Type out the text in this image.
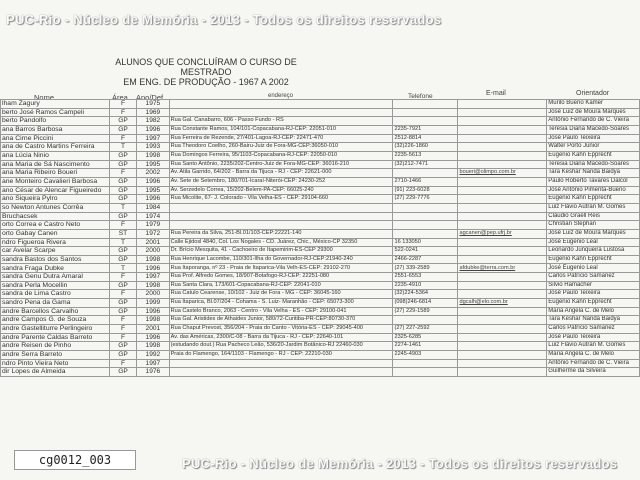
PUC-Rio - Núcleo de Memória - 2013 - Todos os direitos reservados
ALUNOS QUE CONCLUÍRAM O CURSO DE MESTRADO
EM ENG. DE PRODUÇÃO - 1967 A 2002
Nome	Área Ano/Def.	endereço	Telefone	E-mail	Orientador
lham Zagury	F	1975				Murilo Bueno Kamer
berto José Ramos Campeli	F	1969				José Luiz de Moura Marques
berto Pandolfo	GP	1982	Rua Gal. Canabarro, 606 - Passo Fundo - RS			Antônio Fernando de C. Vieira
ana Barros Barbosa	GP	1996	Rua Constante Ramos, 104/101-Copacabana-RJ-CEP: 22051-010	2235-7921		Teresia Diana Macedo-Soares
ana Cirne Piccini	F	1997	Rua Ferreira de Rezende, 27/401-Lagoa-RJ-CEP: 22471-470	2512-8814		José Paulo Teixeira
ana de Castro Martins Ferreira	T	1993	Rua Theodoro Coelho, 260-Bairu-Juiz de Fora-MG-CEP:36050-010	(32)226-1860		Walter Porto Junior
ana Lúcia Ninio	GP	1998	Rua Domingos Ferreira, 95/1103-Copacabana-RJ-CEP: 22050-010	2235-5613		Eugenio Kahn Epprecht
ana Maria de Sá Nascimento	GP	1995	Rua Santo Antônio, 2235/202-Centro-Juiz de Fora-MG-CEP: 36016-210	(32)212-7471		Teresia Diana Macedo-Soares
ana Maria Ribeiro Boueri	F	2002	Av. Atila Garrido, 64/202 - Barra da Tijuca - RJ - CEP: 22621-000		boueri@olimpo.com.br	Tara Keshar Nanda Baidya
ane Monteiro Cavalieri Barbosa	GP	1996	Av. Sete de Setembro, 180/701-Icaraí-Niterói-CEP: 24230-252	2710-1466		Paulo Roberto Tavares Dalcol
ano César de Alencar Figueiredo	GP	1995	Av. Serzedelo Correa, 15/202-Belem-PA-CEP: 66025-240	(91) 223-6028		José Antônio Pimenta-Bueno
ano Siqueira Pylro	GP	1996	Rua Micolite, 67- J. Colorado - Vila Velha-ES - CEP: 29104-660	(27) 229-7776		Eugenio Kahn Epprecht
so Newton Antunes Corrêa	T	1984				Luiz Flávio Autran M. Gomes
Bruchacsek	GP	1974				Cláudio Graell Reis
orto Correa e Castro Neto	F	1979				Christian Stephan
orto Gabay Canen	ST	1972	Rua Pereira da Silva, 251-Bl.01/103-CEP:22221-140		agcanen@pep.ufrj.br	José Luiz de Moura Marques
ndro Figueroa Rivera	T	2001	Calle Ejidosl 4840, Col. Los Nogales - CD. Juárez, Chic., México-CP 32350	16 133050		José Eugenio Leal
car Avelar Scarpe	GP	2000	Dr. Brício Mesquita, 41 - Cachoeiro de Itapemirim-ES-CEP 29300	522-0241		Leonardo Junqueira Lustosa
sandra Bastos dos Santos	GP	1998	Rua Henrique Lacombe, 110/301-Ilha do Governador-RJ-CEP:21940-240	2466-2287		Eugenio Kahn Epprecht
sandra Fraga Dubke	T	1996	Rua Itaporanga, nº 23 - Praia de Itaparica-Vila Velh-ES-CEP: 29102-270	(27) 339-2589	afdubke@terra.com.br	José Eugenio Leal
sandra Genu Dutra Amaral	F	1997	Rua Prof. Alfredo Gomes, 18/907-Botafogo-RJ-CEP: 22251-080	2551-6553		Carlos Patrício Samanez
sandra Perla Mocellin	GP	1998	Rua Santa Clara, 173/601-Copacabana-RJ-CEP: 22041-010	2235-4910		Silvio Hamacher
sandra de Lima Castro	F	2000	Rua Catulo Cearense, 10/102 - Juiz de Fora - MG - CEP: 36045-160	(32)224-5364		José Paulo Teixeira
sandro Pena da Gama	GP	1999	Rua Itaparica, Bl.07/204 - Cohama - S. Luiz- Maranhão - CEP: 65073-300	(098)246-6814	dgcalh@elo.com.br	Eugenio Kahn Epprecht
andre Barcellos Carvalho	GP	1996	Rua Castelo Branco, 2063 - Centro - Vila Velha - ES - CEP: 29100-041	(27) 229-1589		Maria Angela C. de Melo
andre Campos G. de Souza	F	1998	Rua Gal. Aristides de Athaides Junior, 580/72-Curitiba-PR-CEP:80730-370			Tara Keshar Nanda Baidya
andre Gastelliturre Perlingeiro	F	2001	Rua Chaput Prevost, 356/204 - Praia do Canto - Vitória-ES - CEP: 29045-400	(27) 227-2592		Carlos Patrício Samanez
andre Parente Caldas Barreto	F	1996	Av. das Américas, 2300/C-08 - Barra da Tijuca - RJ - CEP: 22640-101	2325-6285		José Paulo Teixeira
andre Reisen de Pinho	GP	1998	(estudando dout.) Rua Pacheco Leão, 536/20-Jardim Botânico-RJ 22460-030	2274-1461		Luiz Flávio Autran M. Gomes
andre Serra Barreto	GP	1992	Praia do Flamengo, 164/1103 - Flamengo - RJ - CEP: 22210-030	2245-4903		Maria Angela C. de Melo
ndro Pinto Vieira Neto	F	1997				Antônio Fernando de C. Vieira
dir Lopes de Almeida	GP	1976				Guilherme da Silveira
PUC-Rio - Núcleo de Memória - 2013 - Todos os direitos reservados
cg0012_003
